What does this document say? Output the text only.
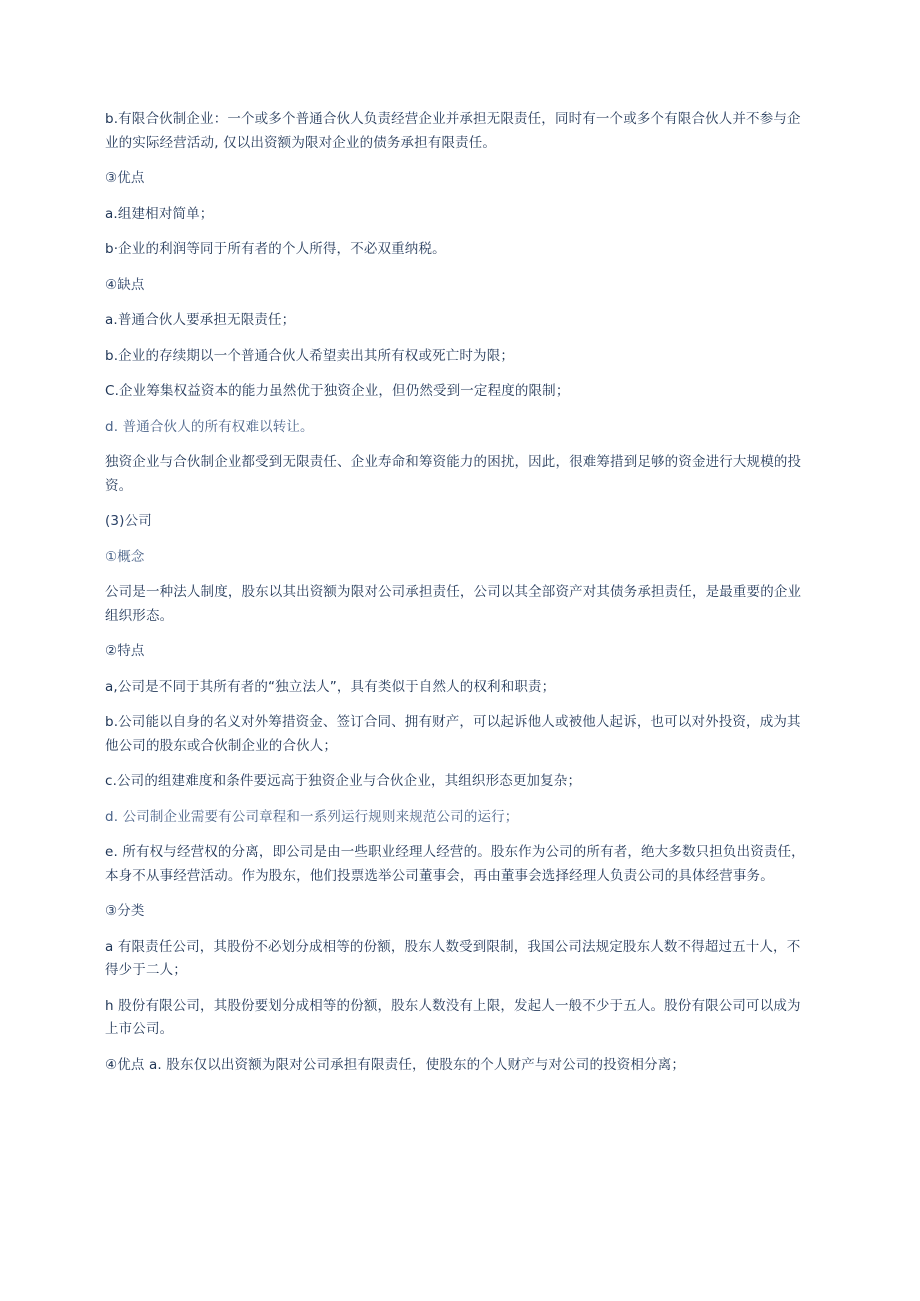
b.有限合伙制企业：一个或多个普通合伙人负责经营企业并承担无限责任，同时有一个或多个有限合伙人并不参与企业的实际经营活动, 仅以出资额为限对企业的债务承担有限责任。

③优点

a.组建相对简单；

b·企业的利润等同于所有者的个人所得，不必双重纳税。

④缺点

a.普通合伙人要承担无限责任；

b.企业的存续期以一个普通合伙人希望卖出其所有权或死亡时为限；

C.企业筹集权益资本的能力虽然优于独资企业，但仍然受到一定程度的限制；

d. 普通合伙人的所有权难以转让。

独资企业与合伙制企业都受到无限责任、企业寿命和筹资能力的困扰，因此，很难筹措到足够的资金进行大规模的投资。

(3)公司

①概念

公司是一种法人制度，股东以其出资额为限对公司承担责任，公司以其全部资产对其债务承担责任，是最重要的企业组织形态。

②特点

a,公司是不同于其所有者的“独立法人”，具有类似于自然人的权利和职责；

b.公司能以自身的名义对外筹措资金、签订合同、拥有财产，可以起诉他人或被他人起诉，也可以对外投资，成为其他公司的股东或合伙制企业的合伙人；

c.公司的组建难度和条件要远高于独资企业与合伙企业，其组织形态更加复杂；

d. 公司制企业需要有公司章程和一系列运行规则来规范公司的运行；

e. 所有权与经营权的分离，即公司是由一些职业经理人经营的。股东作为公司的所有者，绝大多数只担负出资责任，本身不从事经营活动。作为股东，他们投票选举公司董事会，再由董事会选择经理人负责公司的具体经营事务。

③分类

a 有限责任公司，其股份不必划分成相等的份额，股东人数受到限制，我国公司法规定股东人数不得超过五十人，不得少于二人；

h 股份有限公司，其股份要划分成相等的份额，股东人数没有上限，发起人一般不少于五人。股份有限公司可以成为上市公司。

④优点 a. 股东仅以出资额为限对公司承担有限责任，使股东的个人财产与对公司的投资相分离；
